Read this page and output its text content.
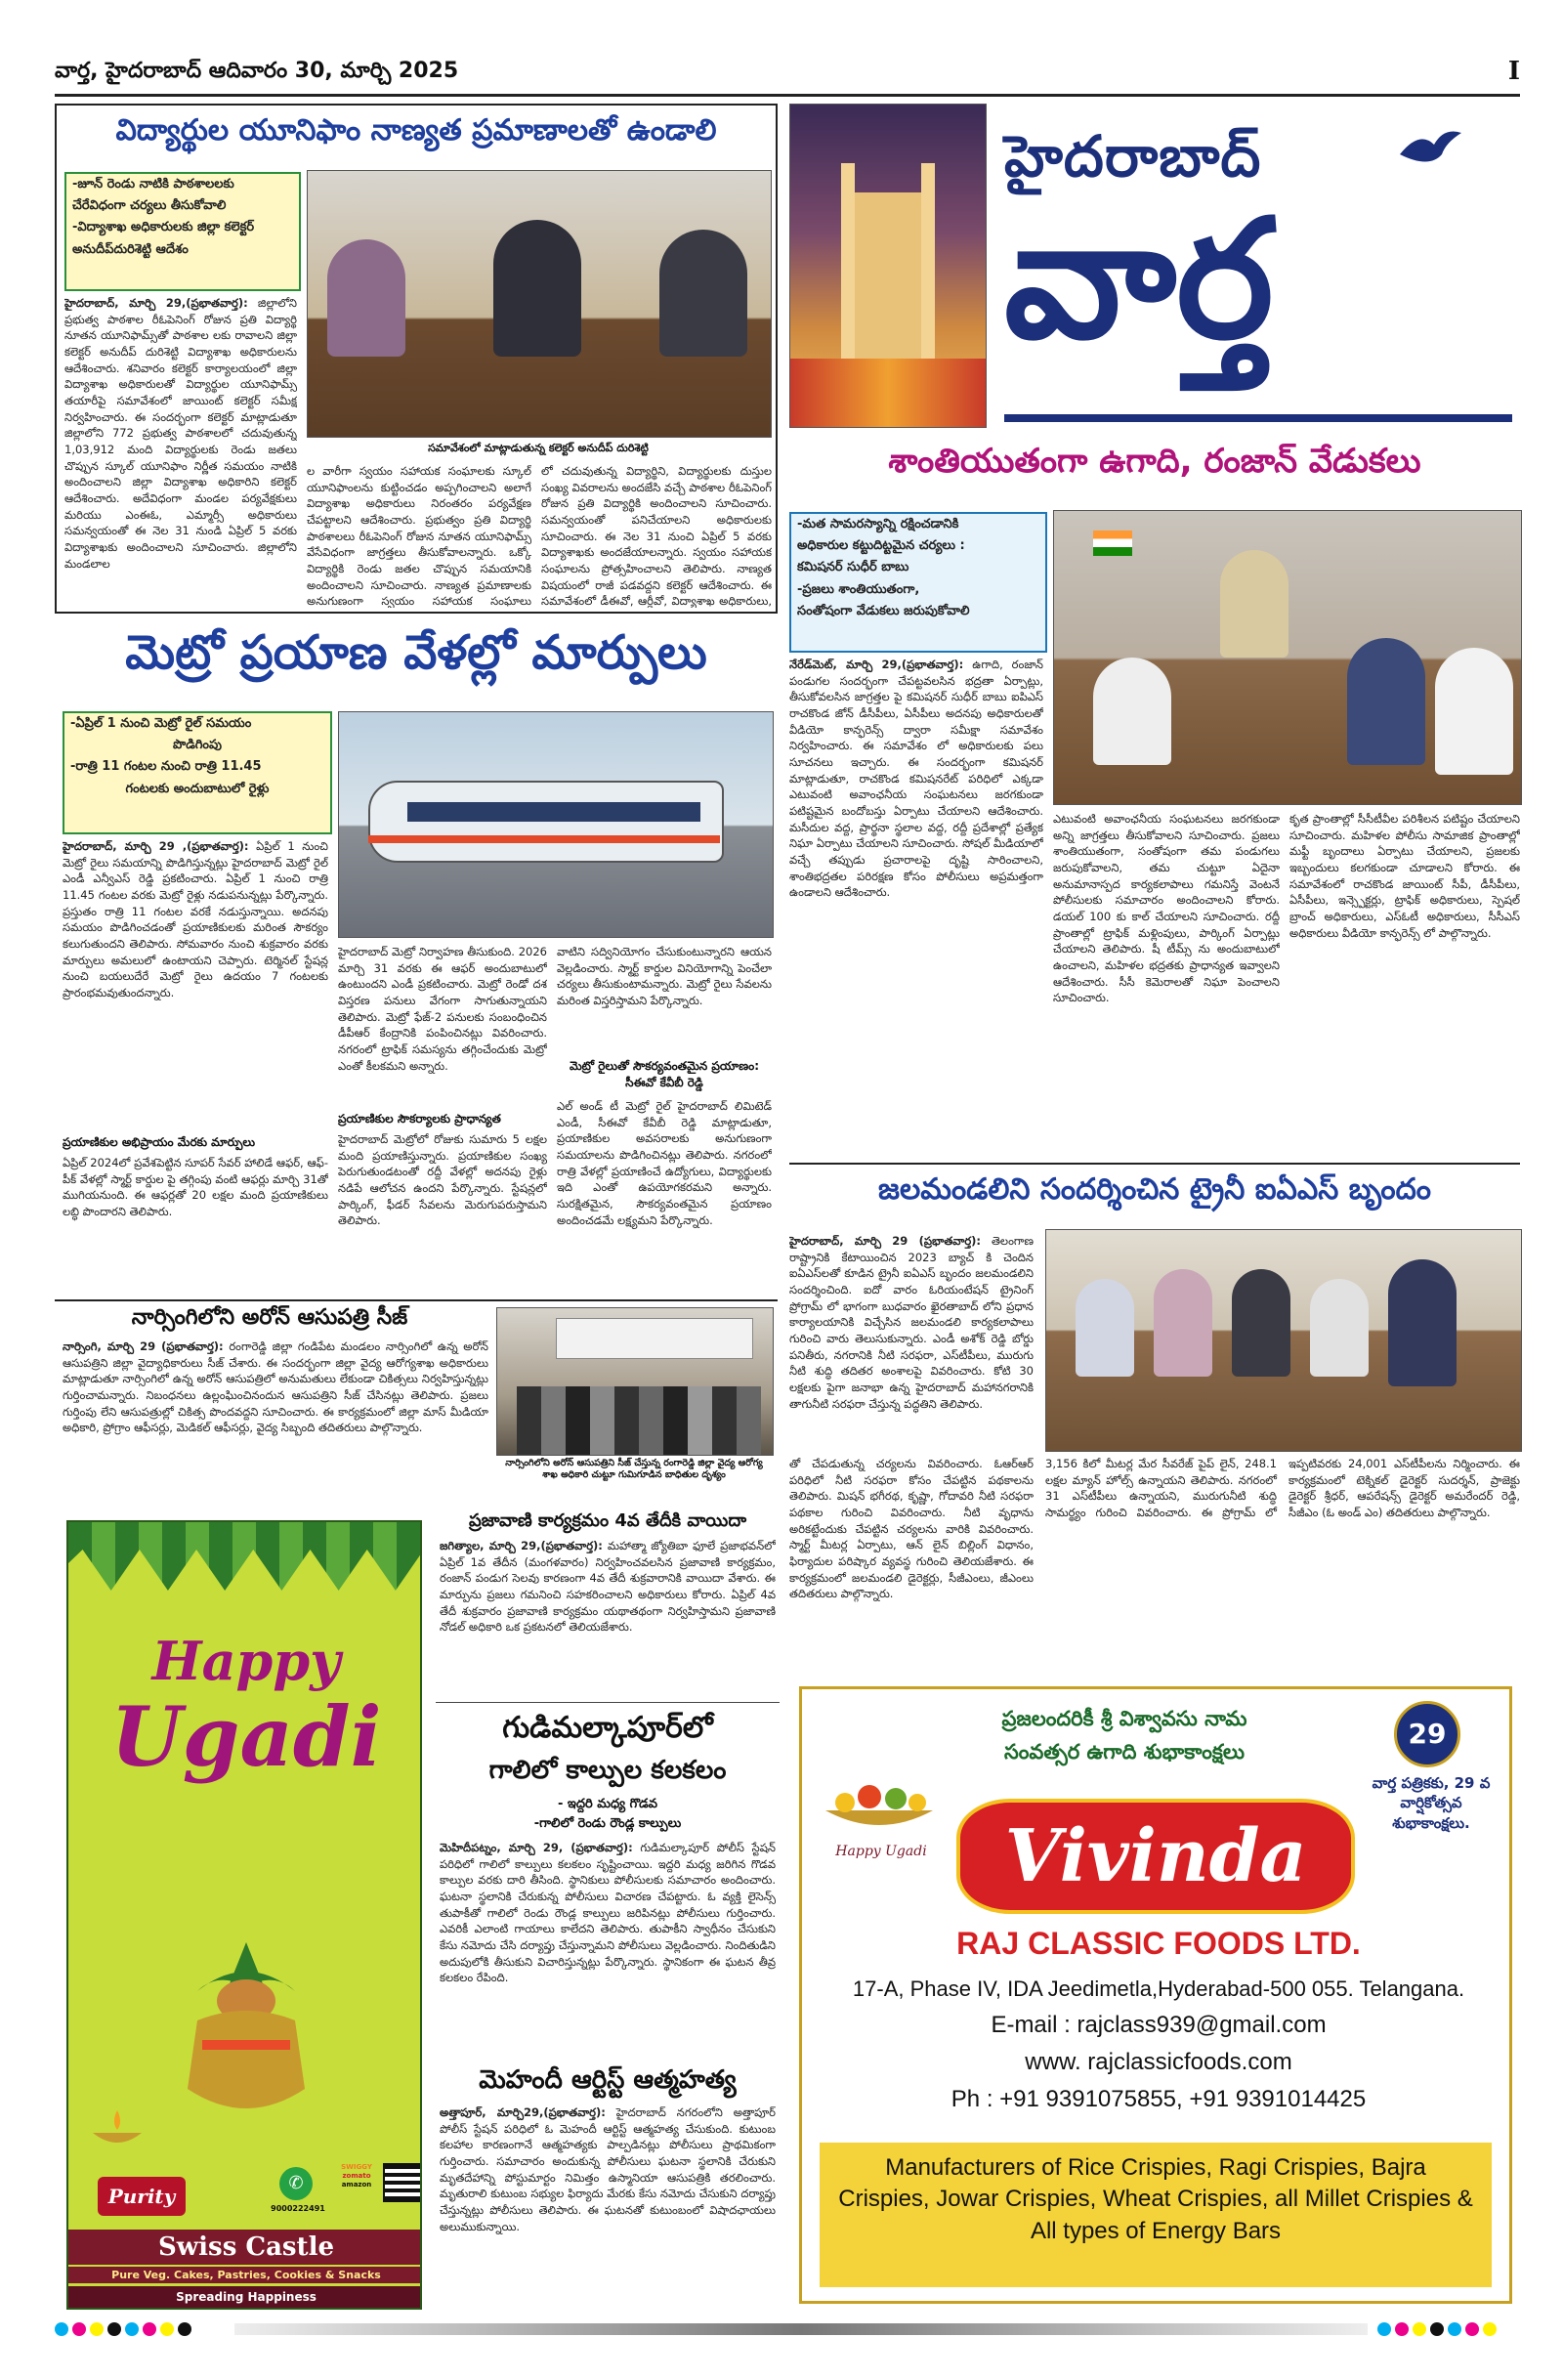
వార్త, హైదరాబాద్ ఆదివారం 30, మార్చి 2025	I
విద్యార్థుల యూనిఫాం నాణ్యత ప్రమాణాలతో ఉండాలి
-జూన్ రెండు నాటికి పాఠశాలలకు
చేరేవిధంగా చర్యలు తీసుకోవాలి
-విద్యాశాఖ అధికారులకు జిల్లా కలెక్టర్
అనుదీప్‌దురిశెట్టి ఆదేశం
సమావేశంలో మాట్లాడుతున్న కలెక్టర్ అనుదీప్ దురిశెట్టి

హైదరాబాద్, మార్చి 29,(ప్రభాతవార్త): జిల్లాలోని ప్రభుత్వ పాఠశాల రీఓపెనింగ్ రోజున ప్రతి విద్యార్థి నూతన యూనిఫామ్స్‌తో పాఠశాల లకు రావాలని జిల్లా కలెక్టర్ అనుదీప్ దురిశెట్టి విద్యాశాఖ అధికారులను ఆదేశించారు. శనివారం కలెక్టర్ కార్యాలయంలో జిల్లా విద్యాశాఖ అధికారులతో విద్యార్థుల యూనిఫామ్స్ తయారీపై సమావేశంలో జాయింట్ కలెక్టర్ సమీక్ష నిర్వహించారు. ఈ సందర్భంగా కలెక్టర్ మాట్లాడుతూ జిల్లాలోని 772 ప్రభుత్వ పాఠశాలలో చదువుతున్న 1,03,912 మంది విద్యార్థులకు రెండు జతలు చొప్పున స్కూల్ యూనిఫాం నిర్ణీత సమయం నాటికి అందించాలని జిల్లా విద్యాశాఖ అధికారిని కలెక్టర్ ఆదేశించారు. అదేవిధంగా మండల పర్యవేక్షకులు మరియు ఎంఈఓ, ఎమ్మార్సీ అధికారులు సమన్వయంతో ఈ నెల 31 నుండి ఏప్రిల్ 5 వరకు విద్యాశాఖకు అందించాలని సూచించారు. జిల్లాలోని మండలాల

ల వారీగా స్వయం సహాయక సంఘాలకు స్కూల్ యూనిఫాంలను కుట్టించడం అప్పగించాలని అలాగే విద్యాశాఖ అధికారులు నిరంతరం పర్యవేక్షణ చేపట్టాలని ఆదేశించారు. ప్రభుత్వం ప్రతి విద్యార్థి పాఠశాలలు రీఓపెనింగ్ రోజున నూతన యూనిఫామ్స్ వేసేవిధంగా జాగ్రత్తలు తీసుకోవాలన్నారు. ఒక్కో విద్యార్థికి రెండు జతల చొప్పున సమయానికి అందించాలని సూచించారు. నాణ్యత ప్రమాణాలకు అనుగుణంగా స్వయం సహాయక సంఘాలు

లో చదువుతున్న విద్యార్థిని, విద్యార్థులకు దుస్తుల సంఖ్య వివరాలను అందజేసి వచ్చే పాఠశాల రీఓపెనింగ్ రోజున ప్రతి విద్యార్థికి అందించాలని సూచించారు. సమన్వయంతో పనిచేయాలని అధికారులకు సూచించారు. ఈ నెల 31 నుంచి ఏప్రిల్ 5 వరకు విద్యాశాఖకు అందజేయాలన్నారు. స్వయం సహాయక సంఘాలను ప్రోత్సహించాలని తెలిపారు. నాణ్యత విషయంలో రాజీ పడవద్దని కలెక్టర్ ఆదేశించారు. ఈ సమావేశంలో డీఈవో, ఆర్డీవో, విద్యాశాఖ అధికారులు,

హైదరాబాద్
వార్త
శాంతియుతంగా ఉగాది, రంజాన్ వేడుకలు
-మత సామరస్యాన్ని రక్షించడానికి
అధికారుల కట్టుదిట్టమైన చర్యలు :
కమిషనర్ సుధీర్ బాబు
-ప్రజలు శాంతియుతంగా,
సంతోషంగా వేడుకలు జరుపుకోవాలి

నేరేడ్‌మెట్, మార్చి 29,(ప్రభాతవార్త): ఉగాది, రంజాన్ పండుగల సందర్భంగా చేపట్టవలసిన భద్రతా ఏర్పాట్లు, తీసుకోవలసిన జాగ్రత్తల పై కమిషనర్ సుధీర్ బాబు ఐపిఎస్ రాచకొండ జోన్ డీసీపీలు, ఏసీపీలు అదనపు అధికారులతో వీడియో కాన్ఫరెన్స్ ద్వారా సమీక్షా సమావేశం నిర్వహించారు. ఈ సమావేశం లో అధికారులకు పలు సూచనలు ఇచ్చారు. ఈ సందర్భంగా కమిషనర్ మాట్లాడుతూ, రాచకొండ కమిషనరేట్ పరిధిలో ఎక్కడా ఎటువంటి అవాంఛనీయ సంఘటనలు జరగకుండా పటిష్టమైన బందోబస్తు ఏర్పాటు చేయాలని ఆదేశించారు. మసీదుల వద్ద, ప్రార్థనా స్థలాల వద్ద, రద్దీ ప్రదేశాల్లో ప్రత్యేక నిఘా ఏర్పాటు చేయాలని సూచించారు. సోషల్ మీడియాలో వచ్చే తప్పుడు ప్రచారాలపై దృష్టి సారించాలని, శాంతిభద్రతల పరిరక్షణ కోసం పోలీసులు అప్రమత్తంగా ఉండాలని ఆదేశించారు.

ఎటువంటి అవాంఛనీయ సంఘటనలు జరగకుండా అన్ని జాగ్రత్తలు తీసుకోవాలని సూచించారు. ప్రజలు శాంతియుతంగా, సంతోషంగా తమ పండుగలు జరుపుకోవాలని, తమ చుట్టూ ఏదైనా అనుమానాస్పద కార్యకలాపాలు గమనిస్తే వెంటనే పోలీసులకు సమాచారం అందించాలని కోరారు. డయల్ 100 కు కాల్ చేయాలని సూచించారు. రద్దీ ప్రాంతాల్లో ట్రాఫిక్ మళ్లింపులు, పార్కింగ్ ఏర్పాట్లు చేయాలని తెలిపారు. షీ టీమ్స్ ను అందుబాటులో ఉంచాలని, మహిళల భద్రతకు ప్రాధాన్యత ఇవ్వాలని ఆదేశించారు. సీసీ కెమెరాలతో నిఘా పెంచాలని సూచించారు.

కృత ప్రాంతాల్లో సీసీటీవీల పరిశీలన పటిష్టం చేయాలని సూచించారు. మహిళల పోలీసు సామాజిక ప్రాంతాల్లో మఫ్టీ బృందాలు ఏర్పాటు చేయాలని, ప్రజలకు ఇబ్బందులు కలగకుండా చూడాలని కోరారు. ఈ సమావేశంలో రాచకొండ జాయింట్ సీపీ, డీసీపీలు, ఏసీపీలు, ఇన్స్పెక్టర్లు, ట్రాఫిక్ అధికారులు, స్పెషల్ బ్రాంచ్ అధికారులు, ఎస్ఓటీ అధికారులు, సీసీఎస్ అధికారులు వీడియో కాన్ఫరెన్స్ లో పాల్గొన్నారు.

మెట్రో ప్రయాణ వేళల్లో మార్పులు
-ఏప్రిల్ 1 నుంచి మెట్రో రైల్ సమయం
పొడిగింపు
-రాత్రి 11 గంటల నుంచి రాత్రి 11.45
గంటలకు అందుబాటులో రైళ్లు

హైదరాబాద్, మార్చి 29 ,(ప్రభాతవార్త): ఏప్రిల్ 1 నుంచి మెట్రో రైలు సమయాన్ని పొడిగిస్తున్నట్లు హైదరాబాద్ మెట్రో రైల్ ఎండీ ఎన్వీఎస్ రెడ్డి ప్రకటించారు. ఏప్రిల్ 1 నుంచి రాత్రి 11.45 గంటల వరకు మెట్రో రైళ్లు నడుపనున్నట్లు పేర్కొన్నారు. ప్రస్తుతం రాత్రి 11 గంటల వరకే నడుస్తున్నాయి. అదనపు సమయం పొడిగించడంతో ప్రయాణికులకు మరింత సౌకర్యం కలుగుతుందని తెలిపారు. సోమవారం నుంచి శుక్రవారం వరకు మార్పులు అమలులో ఉంటాయని చెప్పారు. టెర్మినల్ స్టేషన్ల నుంచి బయలుదేరే మెట్రో రైలు ఉదయం 7 గంటలకు ప్రారంభమవుతుందన్నారు.

ప్రయాణికుల అభిప్రాయం మేరకు మార్పులు

ఏప్రిల్ 2024లో ప్రవేశపెట్టిన సూపర్ సేవర్ హాలిడే ఆఫర్, ఆఫ్-పీక్ వేళల్లో స్మార్ట్ కార్డుల పై తగ్గింపు వంటి ఆఫర్లు మార్చి 31తో ముగియనుంది. ఈ ఆఫర్లతో 20 లక్షల మంది ప్రయాణికులు లబ్ధి పొందారని తెలిపారు.

హైదరాబాద్ మెట్రో నిర్వాహణ తీసుకుంది. 2026 మార్చి 31 వరకు ఈ ఆఫర్ అందుబాటులో ఉంటుందని ఎండీ ప్రకటించారు. మెట్రో రెండో దశ విస్తరణ పనులు వేగంగా సాగుతున్నాయని తెలిపారు. మెట్రో ఫేజ్-2 పనులకు సంబంధించిన డీపీఆర్ కేంద్రానికి పంపించినట్లు వివరించారు. నగరంలో ట్రాఫిక్ సమస్యను తగ్గించేందుకు మెట్రో ఎంతో కీలకమని అన్నారు.

ప్రయాణికుల సౌకర్యాలకు ప్రాధాన్యత

హైదరాబాద్ మెట్రోలో రోజుకు సుమారు 5 లక్షల మంది ప్రయాణిస్తున్నారు. ప్రయాణికుల సంఖ్య పెరుగుతుండటంతో రద్దీ వేళల్లో అదనపు రైళ్లు నడిపే ఆలోచన ఉందని పేర్కొన్నారు. స్టేషన్లలో పార్కింగ్, ఫీడర్ సేవలను మెరుగుపరుస్తామని తెలిపారు.

వాటిని సద్వినియోగం చేసుకుంటున్నారని ఆయన వెల్లడించారు. స్మార్ట్ కార్డుల వినియోగాన్ని పెంచేలా చర్యలు తీసుకుంటామన్నారు. మెట్రో రైలు సేవలను మరింత విస్తరిస్తామని పేర్కొన్నారు.

మెట్రో రైలుతో సౌకర్యవంతమైన ప్రయాణం: సీఈవో కేవీబీ రెడ్డి

ఎల్ అండ్ టీ మెట్రో రైల్ హైదరాబాద్ లిమిటెడ్ ఎండీ, సీఈవో కేవీబీ రెడ్డి మాట్లాడుతూ, ప్రయాణికుల అవసరాలకు అనుగుణంగా సమయాలను పొడిగించినట్లు తెలిపారు. నగరంలో రాత్రి వేళల్లో ప్రయాణించే ఉద్యోగులు, విద్యార్థులకు ఇది ఎంతో ఉపయోగకరమని అన్నారు. సురక్షితమైన, సౌకర్యవంతమైన ప్రయాణం అందించడమే లక్ష్యమని పేర్కొన్నారు.

నార్సింగిలోని అరోన్ ఆసుపత్రి సీజ్

నార్సింగి, మార్చి 29 (ప్రభాతవార్త): రంగారెడ్డి జిల్లా గండిపేట మండలం నార్సింగిలో ఉన్న అరోన్ ఆసుపత్రిని జిల్లా వైద్యాధికారులు సీజ్ చేశారు. ఈ సందర్భంగా జిల్లా వైద్య ఆరోగ్యశాఖ అధికారులు మాట్లాడుతూ నార్సింగిలో ఉన్న అరోన్ ఆసుపత్రిలో అనుమతులు లేకుండా చికిత్సలు నిర్వహిస్తున్నట్లు గుర్తించామన్నారు. నిబంధనలు ఉల్లంఘించినందున ఆసుపత్రిని సీజ్ చేసినట్లు తెలిపారు. ప్రజలు గుర్తింపు లేని ఆసుపత్రుల్లో చికిత్స పొందవద్దని సూచించారు. ఈ కార్యక్రమంలో జిల్లా మాస్ మీడియా అధికారి, ప్రోగ్రాం ఆఫీసర్లు, మెడికల్ ఆఫీసర్లు, వైద్య సిబ్బంది తదితరులు పాల్గొన్నారు.

నార్సింగిలోని అరోన్ ఆసుపత్రిని సీజ్ చేస్తున్న రంగారెడ్డి జిల్లా వైద్య ఆరోగ్య శాఖ అధికారి చుట్టూ గుమిగూడిన బాధితుల దృశ్యం
జలమండలిని సందర్శించిన ట్రైనీ ఐఏఎస్ బృందం

హైదరాబాద్, మార్చి 29 (ప్రభాతవార్త): తెలంగాణ రాష్ట్రానికి కేటాయించిన 2023 బ్యాచ్ కి చెందిన ఐఏఎస్‌లతో కూడిన ట్రైనీ ఐఏఎస్ బృందం జలమండలిని సందర్శించింది. ఐదో వారం ఓరియంటేషన్ ట్రైనింగ్ ప్రోగ్రామ్ లో భాగంగా బుధవారం ఖైరతాబాద్ లోని ప్రధాన కార్యాలయానికి విచ్చేసిన జలమండలి కార్యకలాపాలు గురించి వారు తెలుసుకున్నారు. ఎండీ అశోక్ రెడ్డి బోర్డు పనితీరు, నగరానికి నీటి సరఫరా, ఎస్‌టీపీలు, మురుగు నీటి శుద్ధి తదితర అంశాలపై వివరించారు. కోటి 30 లక్షలకు పైగా జనాభా ఉన్న హైదరాబాద్ మహానగరానికి తాగునీటి సరఫరా చేస్తున్న పద్ధతిని తెలిపారు.

తో చేపడుతున్న చర్యలను వివరించారు. ఓఆర్ఆర్ పరిధిలో నీటి సరఫరా కోసం చేపట్టిన పథకాలను తెలిపారు. మిషన్ భగీరథ, కృష్ణా, గోదావరి నీటి సరఫరా పథకాల గురించి వివరించారు. నీటి వృధాను అరికట్టేందుకు చేపట్టిన చర్యలను వారికి వివరించారు. స్మార్ట్ మీటర్ల ఏర్పాటు, ఆన్ లైన్ బిల్లింగ్ విధానం, ఫిర్యాదుల పరిష్కార వ్యవస్థ గురించి తెలియజేశారు. ఈ కార్యక్రమంలో జలమండలి డైరెక్టర్లు, సీజీఎంలు, జీఎంలు తదితరులు పాల్గొన్నారు.

3,156 కిలో మీటర్ల మేర సీవరేజ్ పైప్ లైన్, 248.1 లక్షల మ్యాన్ హోల్స్ ఉన్నాయని తెలిపారు. నగరంలో 31 ఎస్‌టీపీలు ఉన్నాయని, మురుగునీటి శుద్ధి సామర్థ్యం గురించి వివరించారు. ఈ ప్రోగ్రామ్ లో ఇప్పటివరకు 24,001 ఎస్‌టీపీలను నిర్మించారు. ఈ కార్యక్రమంలో టెక్నికల్ డైరెక్టర్ సుదర్శన్, ప్రాజెక్టు డైరెక్టర్ శ్రీధర్, ఆపరేషన్స్ డైరెక్టర్ అమరేందర్ రెడ్డి, సీజీఎం (ఓ అండ్ ఎం) తదితరులు పాల్గొన్నారు.

Happy
Ugadi
Purity
✆
9000222491
SWIGGY
zomato
amazon
Swiss Castle
Pure Veg. Cakes, Pastries, Cookies & Snacks
Spreading Happiness
ప్రజావాణి కార్యక్రమం 4వ తేదీకి వాయిదా

జగిత్యాల, మార్చి 29,(ప్రభాతవార్త): మహాత్మా జ్యోతిబా ఫూలే ప్రజాభవన్‌లో ఏప్రిల్ 1వ తేదీన (మంగళవారం) నిర్వహించవలసిన ప్రజావాణి కార్యక్రమం, రంజాన్ పండుగ సెలవు కారణంగా 4వ తేదీ శుక్రవారానికి వాయిదా వేశారు. ఈ మార్పును ప్రజలు గమనించి సహకరించాలని అధికారులు కోరారు. ఏప్రిల్ 4వ తేదీ శుక్రవారం ప్రజావాణి కార్యక్రమం యథాతథంగా నిర్వహిస్తామని ప్రజావాణి నోడల్ అధికారి ఒక ప్రకటనలో తెలియజేశారు.

గుడిమల్కాపూర్‌లో
గాలిలో కాల్పుల కలకలం
- ఇద్దరి మధ్య గొడవ
-గాలిలో రెండు రౌండ్ల కాల్పులు

మెహిదీపట్నం, మార్చి 29, (ప్రభాతవార్త): గుడిమల్కాపూర్ పోలీస్ స్టేషన్ పరిధిలో గాలిలో కాల్పులు కలకలం సృష్టించాయి. ఇద్దరి మధ్య జరిగిన గొడవ కాల్పుల వరకు దారి తీసింది. స్థానికులు పోలీసులకు సమాచారం అందించారు. ఘటనా స్థలానికి చేరుకున్న పోలీసులు విచారణ చేపట్టారు. ఓ వ్యక్తి లైసెన్స్ తుపాకీతో గాలిలో రెండు రౌండ్ల కాల్పులు జరిపినట్లు పోలీసులు గుర్తించారు. ఎవరికీ ఎలాంటి గాయాలు కాలేదని తెలిపారు. తుపాకీని స్వాధీనం చేసుకుని కేసు నమోదు చేసి దర్యాప్తు చేస్తున్నామని పోలీసులు వెల్లడించారు. నిందితుడిని అదుపులోకి తీసుకుని విచారిస్తున్నట్లు పేర్కొన్నారు. స్థానికంగా ఈ ఘటన తీవ్ర కలకలం రేపింది.

మెహందీ ఆర్టిస్ట్ ఆత్మహత్య

అత్తాపూర్, మార్చి29,(ప్రభాతవార్త): హైదరాబాద్ నగరంలోని అత్తాపూర్ పోలీస్ స్టేషన్ పరిధిలో ఓ మెహందీ ఆర్టిస్ట్ ఆత్మహత్య చేసుకుంది. కుటుంబ కలహాల కారణంగానే ఆత్మహత్యకు పాల్పడినట్లు పోలీసులు ప్రాథమికంగా గుర్తించారు. సమాచారం అందుకున్న పోలీసులు ఘటనా స్థలానికి చేరుకుని మృతదేహాన్ని పోస్టుమార్టం నిమిత్తం ఉస్మానియా ఆసుపత్రికి తరలించారు. మృతురాలి కుటుంబ సభ్యుల ఫిర్యాదు మేరకు కేసు నమోదు చేసుకుని దర్యాప్తు చేస్తున్నట్లు పోలీసులు తెలిపారు. ఈ ఘటనతో కుటుంబంలో విషాదఛాయలు అలుముకున్నాయి.

ప్రజలందరికీ శ్రీ విశ్వావసు నామ
సంవత్సర ఉగాది శుభాకాంక్షలు
29
వార్త పత్రికకు, 29 వ వార్షికోత్సవ శుభాకాంక్షలు.
Happy Ugadi	Vivinda
RAJ CLASSIC FOODS LTD.
17-A, Phase IV, IDA Jeedimetla,Hyderabad-500 055. Telangana.
E-mail : rajclass939@gmail.com
www. rajclassicfoods.com
Ph : +91 9391075855, +91 9391014425
Manufacturers of Rice Crispies, Ragi Crispies, Bajra Crispies, Jowar Crispies, Wheat Crispies, all Millet Crispies & All types of Energy Bars
